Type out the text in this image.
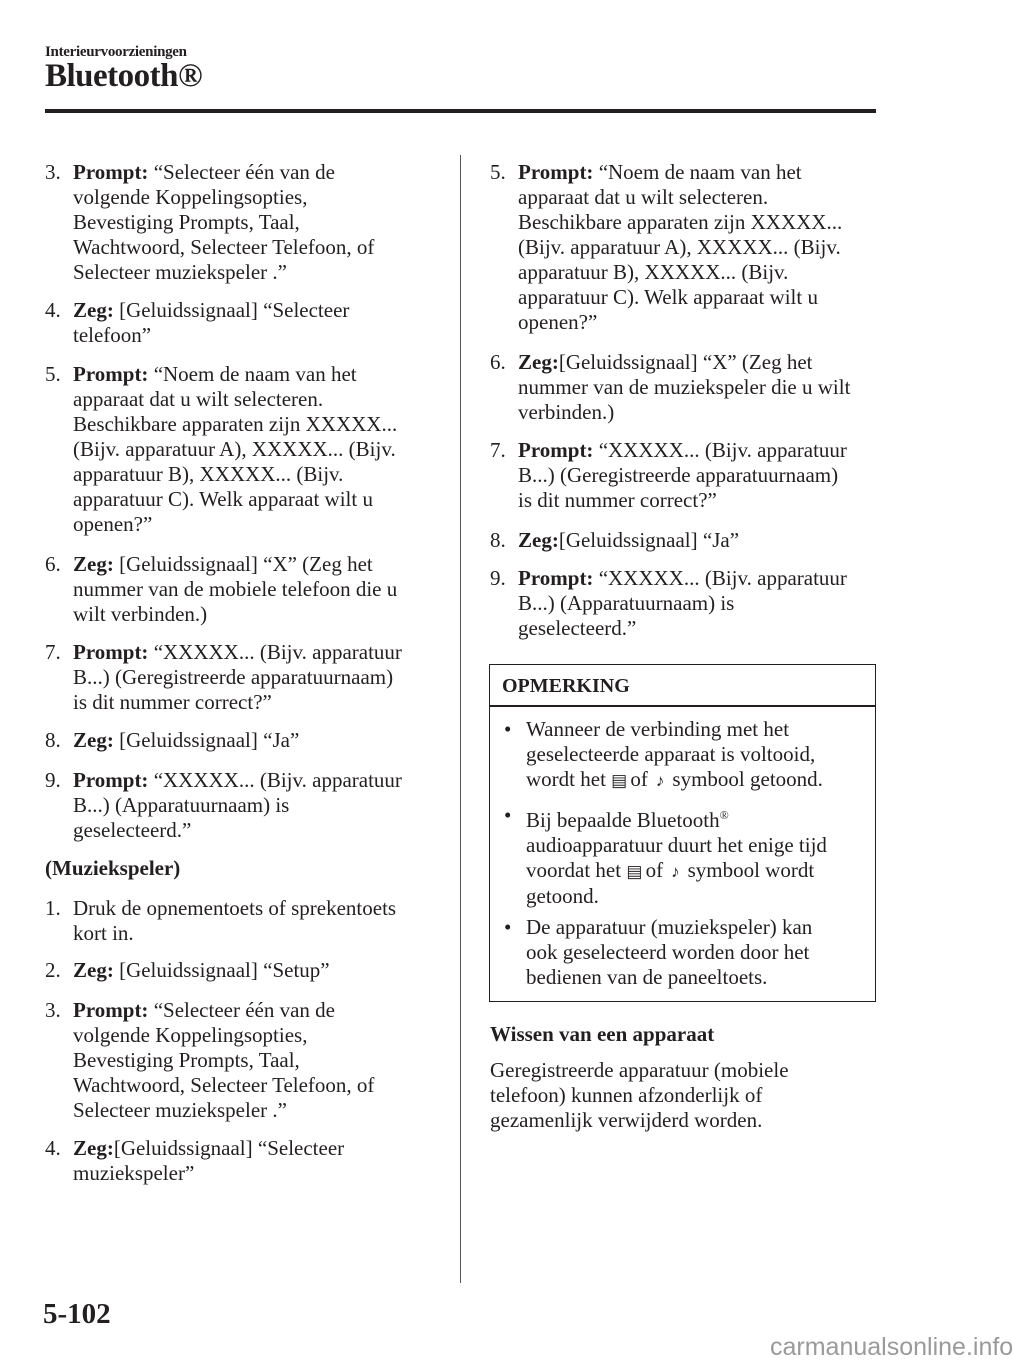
Interieurvoorzieningen
Bluetooth®
3. Prompt: “Selecteer één van de
volgende Koppelingsopties,
Bevestiging Prompts, Taal,
Wachtwoord, Selecteer Telefoon, of
Selecteer muziekspeler .”
4. Zeg: [Geluidssignaal] “Selecteer
telefoon”
5. Prompt: “Noem de naam van het
apparaat dat u wilt selecteren.
Beschikbare apparaten zijn XXXXX...
(Bijv. apparatuur A), XXXXX... (Bijv.
apparatuur B), XXXXX... (Bijv.
apparatuur C). Welk apparaat wilt u
openen?”
6. Zeg: [Geluidssignaal] “X” (Zeg het
nummer van de mobiele telefoon die u
wilt verbinden.)
7. Prompt: “XXXXX... (Bijv. apparatuur
B...) (Geregistreerde apparatuurnaam)
is dit nummer correct?”
8. Zeg: [Geluidssignaal] “Ja”
9. Prompt: “XXXXX... (Bijv. apparatuur
B...) (Apparatuurnaam) is
geselecteerd.”
1. Druk de opnementoets of sprekentoets
kort in.
2. Zeg: [Geluidssignaal] “Setup”
3. Prompt: “Selecteer één van de
volgende Koppelingsopties,
Bevestiging Prompts, Taal,
Wachtwoord, Selecteer Telefoon, of
Selecteer muziekspeler .”
4. Zeg:[Geluidssignaal] “Selecteer
muziekspeler”
5. Prompt: “Noem de naam van het
apparaat dat u wilt selecteren.
Beschikbare apparaten zijn XXXXX...
(Bijv. apparatuur A), XXXXX... (Bijv.
apparatuur B), XXXXX... (Bijv.
apparatuur C). Welk apparaat wilt u
openen?”
6. Zeg:[Geluidssignaal] “X” (Zeg het
nummer van de muziekspeler die u wilt
verbinden.)
7. Prompt: “XXXXX... (Bijv. apparatuur
B...) (Geregistreerde apparatuurnaam)
is dit nummer correct?”
8. Zeg:[Geluidssignaal] “Ja”
9. Prompt: “XXXXX... (Bijv. apparatuur
B...) (Apparatuurnaam) is
geselecteerd.”
(Muziekspeler)
OPMERKING
• Wanneer de verbinding met het
geselecteerde apparaat is voltooid,
wordt het ▤ of ♪ symbool getoond.
• Bij bepaalde Bluetooth®
audioapparatuur duurt het enige tijd
voordat het ▤ of ♪ symbool wordt
getoond.
• De apparatuur (muziekspeler) kan
ook geselecteerd worden door het
bedienen van de paneeltoets.
Wissen van een apparaat
Geregistreerde apparatuur (mobiele
telefoon) kunnen afzonderlijk of
gezamenlijk verwijderd worden.
5-102
carmanualsonline.info
